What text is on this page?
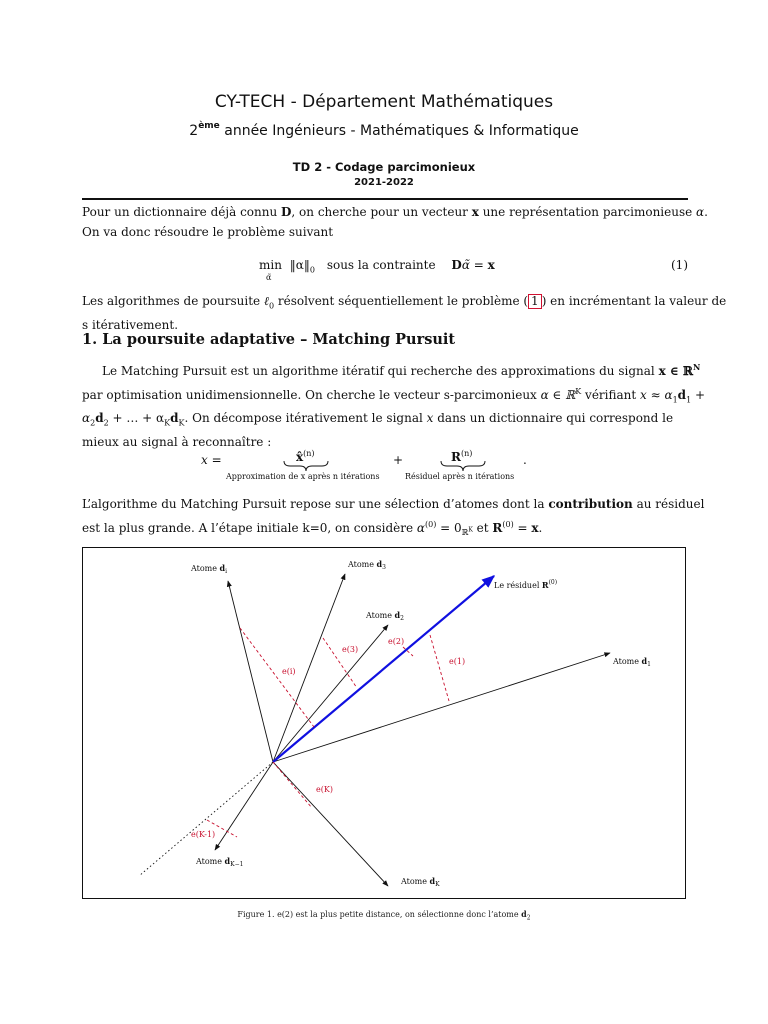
CY-TECH - Département Mathématiques
2ème année Ingénieurs - Mathématiques & Informatique
TD 2 - Codage parcimonieux
2021-2022
Pour un dictionnaire déjà connu D, on cherche pour un vecteur x une représentation parcimonieuse α.
On va donc résoudre le problème suivant
$\min ‖\alpha‖_0$ sous la contrainte Dα̃ = x
α̃
(1)
Les algorithmes de poursuite ℓ$_0$ résolvent séquentiellement le problème ( 1 ) en incrémentant la valeur de
s itérativement.
1. La poursuite adaptative – Matching Pursuit
Le Matching Pursuit est un algorithme itératif qui recherche des approximations du signal x ∈ ℝ$^N$
par optimisation unidimensionnelle. On cherche le vecteur s-parcimonieux α ∈ ℝ$^K$ vérifiant $x \approx \alpha_1d_1$ +
$\alpha_2d_2$ + … + $\alpha_Kd_K$. On décompose itérativement le signal x dans un dictionnaire qui correspond le
mieux au signal à reconnaître :
x =	x̂$^{(n)}$	+	$R^{(n)}$	.
Approximation de x après n itérations	Résiduel après n itérations
L’algorithme du Matching Pursuit repose sur une sélection d’atomes dont la contribution au résiduel
est la plus grande. A l’étape initiale k=0, on considère $\alpha^{(0)} = 0_{ℝ^K}$ et $R^{(0)} = x$.
Atome $d_i$
Atome $d_3$
Atome $d_2$
Atome $d_1$
Atome $d_{K-1}$
Atome $d_K$
Le résiduel $R^{(0)}$
e(1)
e(2)
e(3)
e(i)
e(K)
e(K-1)
Figure 1. e(2) est la plus petite distance, on sélectionne donc l’atome $d_2$
